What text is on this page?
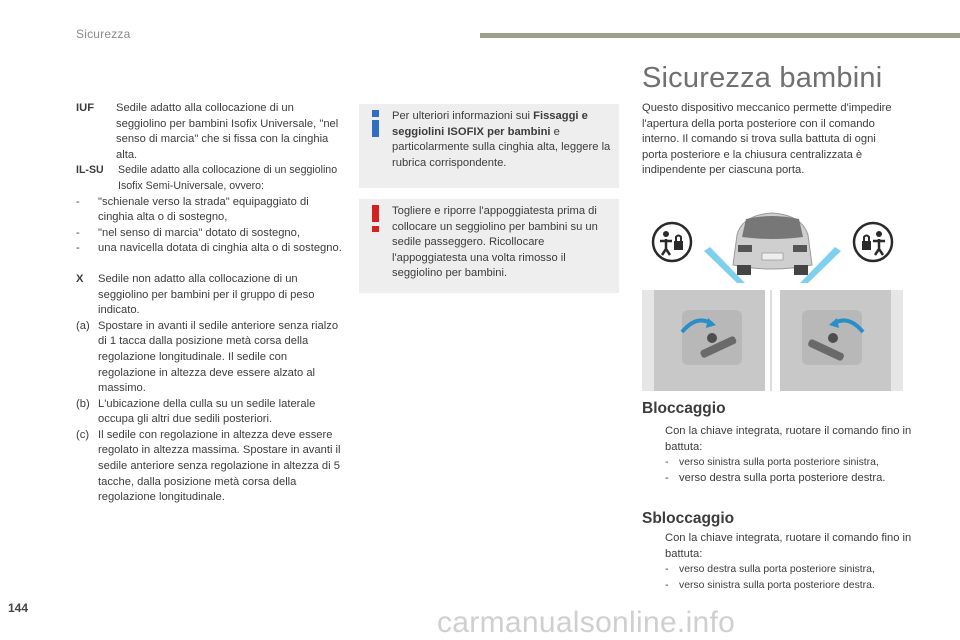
Sicurezza
IUF Sedile adatto alla collocazione di un seggiolino per bambini Isofix Universale, "nel senso di marcia" che si fissa con la cinghia alta.
IL-SU Sedile adatto alla collocazione di un seggiolino Isofix Semi-Universale, ovvero:
- "schienale verso la strada" equipaggiato di cinghia alta o di sostegno,
- "nel senso di marcia" dotato di sostegno,
- una navicella dotata di cinghia alta o di sostegno.
X Sedile non adatto alla collocazione di un seggiolino per bambini per il gruppo di peso indicato.
(a) Spostare in avanti il sedile anteriore senza rialzo di 1 tacca dalla posizione metà corsa della regolazione longitudinale. Il sedile con regolazione in altezza deve essere alzato al massimo.
(b) L'ubicazione della culla su un sedile laterale occupa gli altri due sedili posteriori.
(c) Il sedile con regolazione in altezza deve essere regolato in altezza massima. Spostare in avanti il sedile anteriore senza regolazione in altezza di 5 tacche, dalla posizione metà corsa della regolazione longitudinale.
Per ulteriori informazioni sui Fissaggi e seggiolini ISOFIX per bambini e particolarmente sulla cinghia alta, leggere la rubrica corrispondente.
Togliere e riporre l'appoggiatesta prima di collocare un seggiolino per bambini su un sedile passeggero. Ricollocare l'appoggiatesta una volta rimosso il seggiolino per bambini.
Sicurezza bambini

Questo dispositivo meccanico permette d'impedire l'apertura della porta posteriore con il comando interno. Il comando si trova sulla battuta di ogni porta posteriore e la chiusura centralizzata è indipendente per ciascuna porta.

Bloccaggio
Con la chiave integrata, ruotare il comando fino in battuta:
- verso sinistra sulla porta posteriore sinistra,
- verso destra sulla porta posteriore destra.
Sbloccaggio
Con la chiave integrata, ruotare il comando fino in battuta:
- verso destra sulla porta posteriore sinistra,
- verso sinistra sulla porta posteriore destra.
144	carmanualsonline.info
